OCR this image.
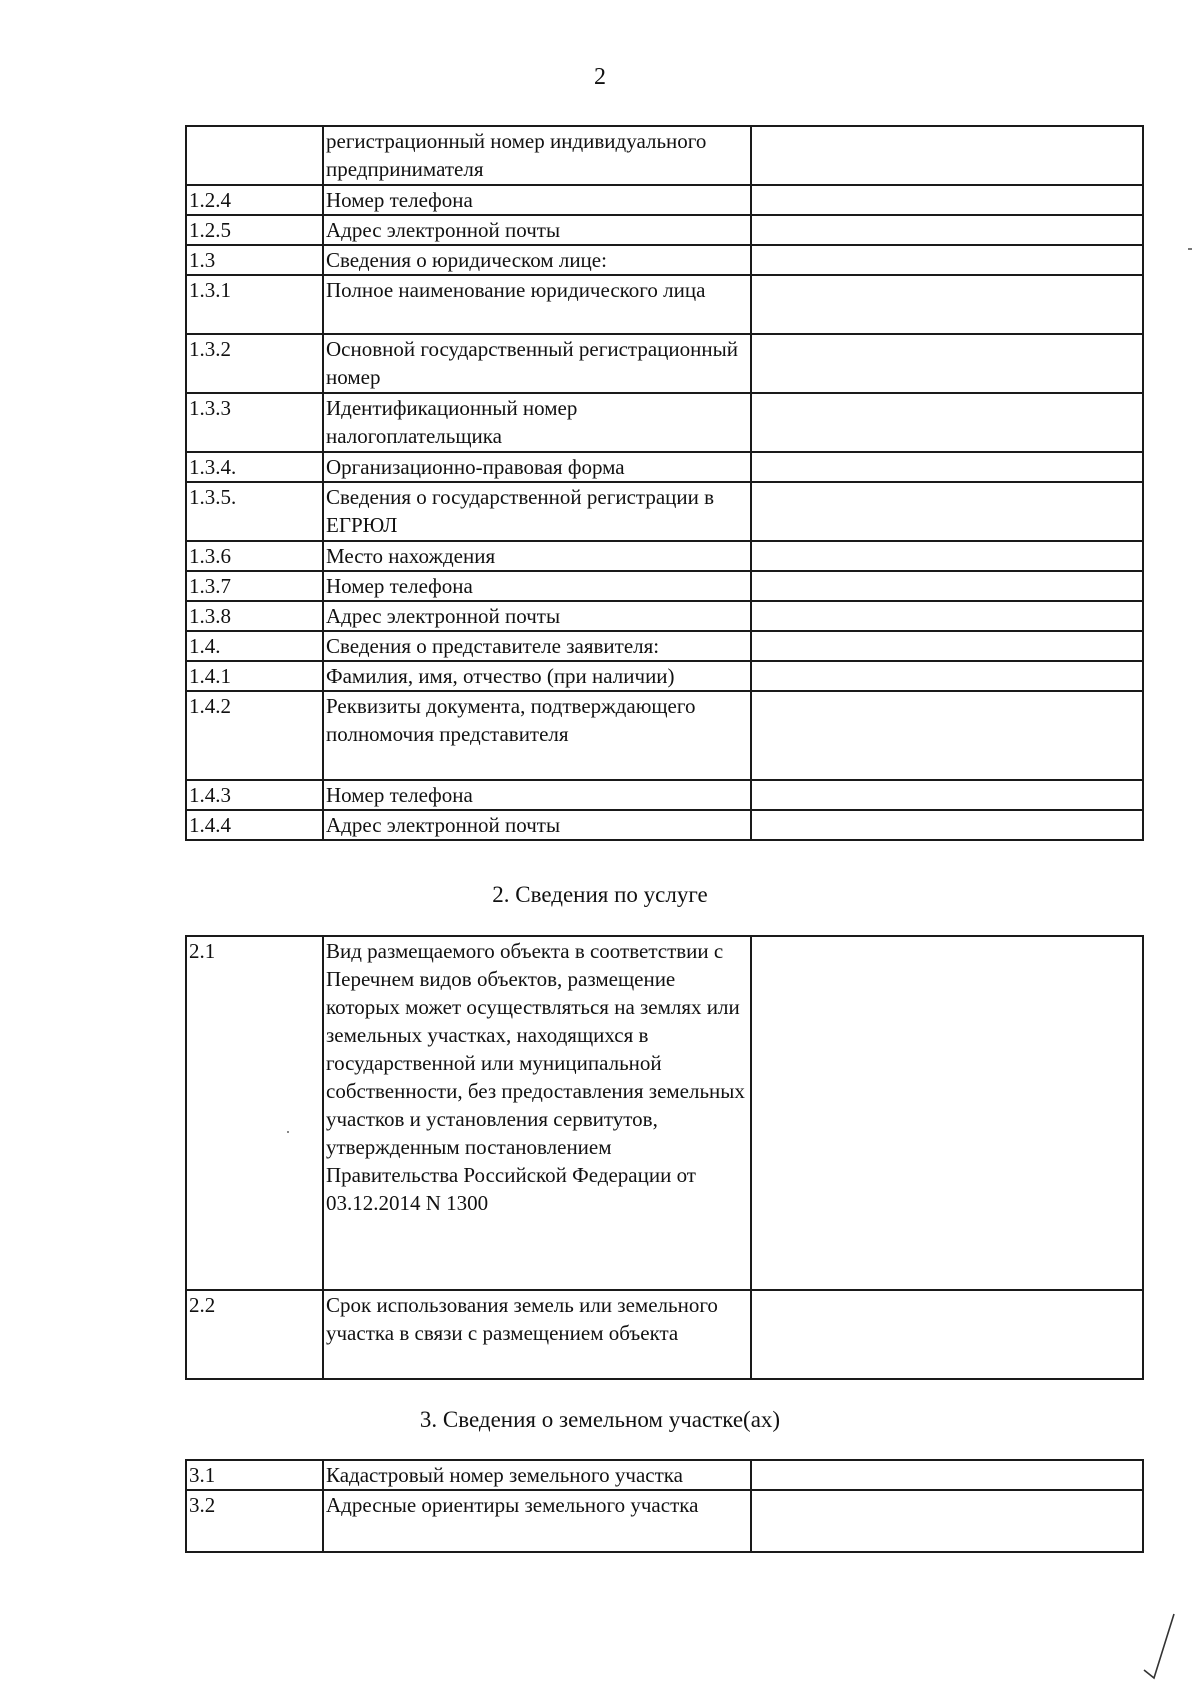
2
	регистрационный номер индивидуального предпринимателя	
1.2.4	Номер телефона	
1.2.5	Адрес электронной почты	
1.3	Сведения о юридическом лице:	
1.3.1	Полное наименование юридического лица	
1.3.2	Основной государственный регистрационный номер	
1.3.3	Идентификационный номер налогоплательщика	
1.3.4.	Организационно-правовая форма	
1.3.5.	Сведения о государственной регистрации в ЕГРЮЛ	
1.3.6	Место нахождения	
1.3.7	Номер телефона	
1.3.8	Адрес электронной почты	
1.4.	Сведения о представителе заявителя:	
1.4.1	Фамилия, имя, отчество (при наличии)	
1.4.2	Реквизиты документа, подтверждающего полномочия представителя	
1.4.3	Номер телефона	
1.4.4	Адрес электронной почты	
2. Сведения по услуге
2.1	Вид размещаемого объекта в соответствии с Перечнем видов объектов, размещение которых может осуществляться на землях или земельных участках, находящихся в государственной или муниципальной собственности, без предоставления земельных участков и установления сервитутов, утвержденным постановлением Правительства Российской Федерации от 03.12.2014 N 1300	
2.2	Срок использования земель или земельного участка в связи с размещением объекта	
3. Сведения о земельном участке(ах)
3.1	Кадастровый номер земельного участка	
3.2	Адресные ориентиры земельного участка	
